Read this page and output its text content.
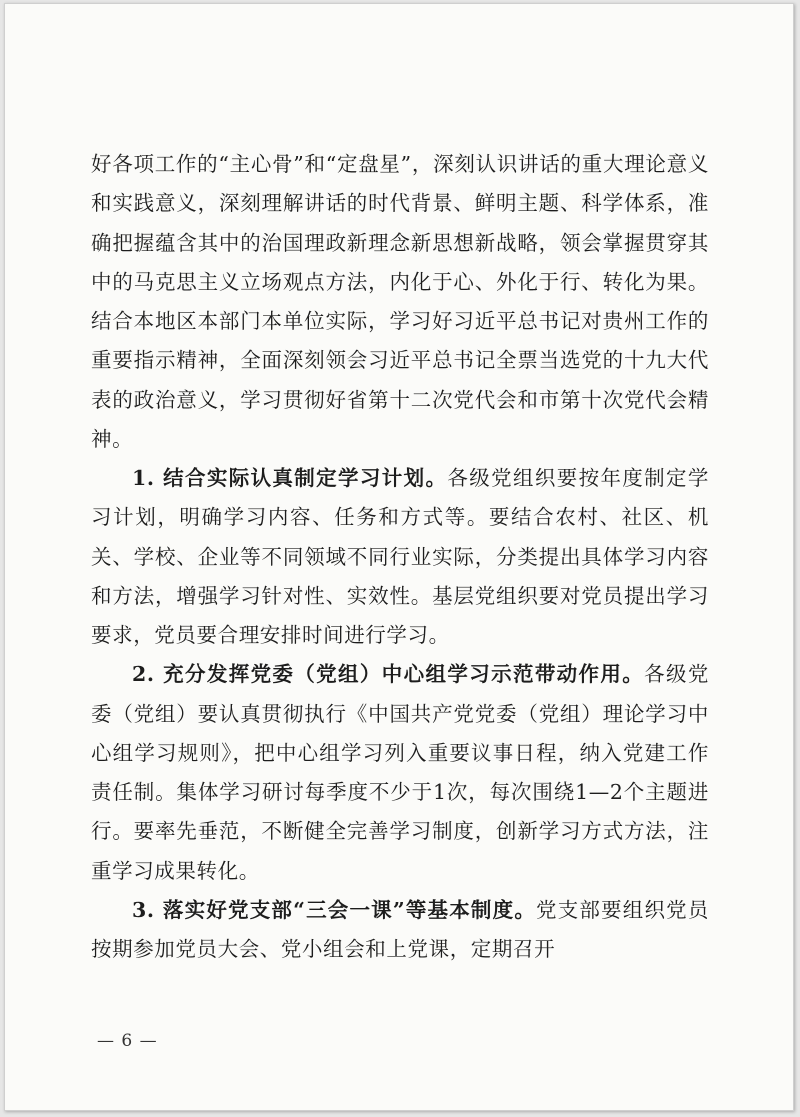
好各项工作的“主心骨”和“定盘星”，深刻认识讲话的重大理论意义和实践意义，深刻理解讲话的时代背景、鲜明主题、科学体系，准确把握蕴含其中的治国理政新理念新思想新战略，领会掌握贯穿其中的马克思主义立场观点方法，内化于心、外化于行、转化为果。结合本地区本部门本单位实际，学习好习近平总书记对贵州工作的重要指示精神，全面深刻领会习近平总书记全票当选党的十九大代表的政治意义，学习贯彻好省第十二次党代会和市第十次党代会精神。

1. 结合实际认真制定学习计划。各级党组织要按年度制定学习计划，明确学习内容、任务和方式等。要结合农村、社区、机关、学校、企业等不同领域不同行业实际，分类提出具体学习内容和方法，增强学习针对性、实效性。基层党组织要对党员提出学习要求，党员要合理安排时间进行学习。

2. 充分发挥党委（党组）中心组学习示范带动作用。各级党委（党组）要认真贯彻执行《中国共产党党委（党组）理论学习中心组学习规则》，把中心组学习列入重要议事日程，纳入党建工作责任制。集体学习研讨每季度不少于1次，每次围绕1—2个主题进行。要率先垂范，不断健全完善学习制度，创新学习方式方法，注重学习成果转化。

3. 落实好党支部“三会一课”等基本制度。党支部要组织党员按期参加党员大会、党小组会和上党课，定期召开

— 6 —
